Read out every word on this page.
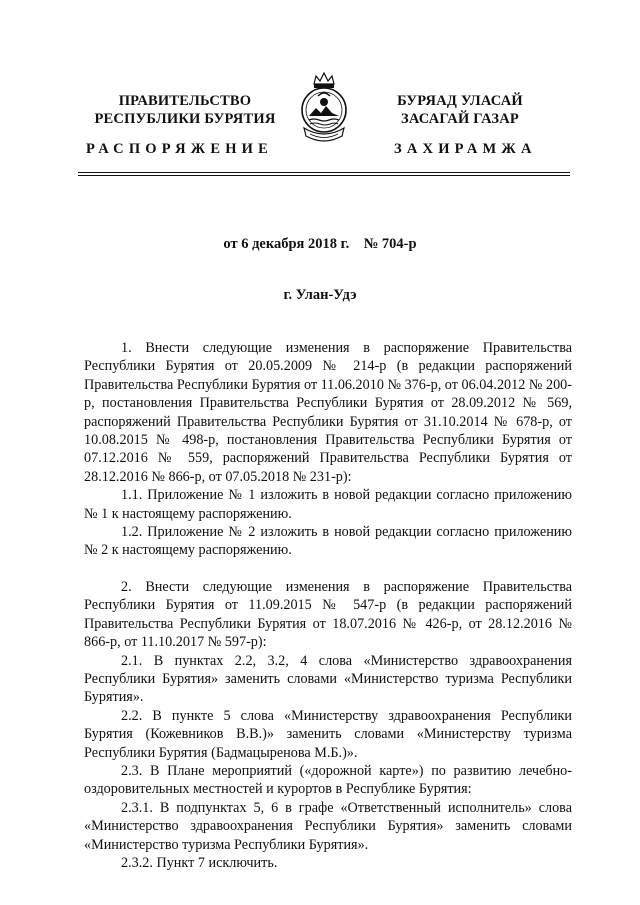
ПРАВИТЕЛЬСТВО
РЕСПУБЛИКИ БУРЯТИЯ
БУРЯАД УЛАСАЙ
ЗАСАГАЙ ГАЗАР
РАСПОРЯЖЕНИЕ	ЗАХИРАМЖА
от 6 декабря 2018 г. № 704-р
г. Улан-Удэ

1. Внести следующие изменения в распоряжение Правительства Республики Бурятия от 20.05.2009 № 214-р (в редакции распоряжений Правительства Республики Бурятия от 11.06.2010 № 376-р, от 06.04.2012 № 200-р, постановления Правительства Республики Бурятия от 28.09.2012 № 569, распоряжений Правительства Республики Бурятия от 31.10.2014 № 678-р, от 10.08.2015 № 498-р, постановления Правительства Республики Бурятия от 07.12.2016 № 559, распоряжений Правительства Республики Бурятия от 28.12.2016 № 866-р, от 07.05.2018 № 231-р):

1.1. Приложение № 1 изложить в новой редакции согласно приложению № 1 к настоящему распоряжению.

1.2. Приложение № 2 изложить в новой редакции согласно приложению № 2 к настоящему распоряжению.

2. Внести следующие изменения в распоряжение Правительства Республики Бурятия от 11.09.2015 № 547-р (в редакции распоряжений Правительства Республики Бурятия от 18.07.2016 № 426-р, от 28.12.2016 № 866-р, от 11.10.2017 № 597-р):

2.1. В пунктах 2.2, 3.2, 4 слова «Министерство здравоохранения Республики Бурятия» заменить словами «Министерство туризма Республики Бурятия».

2.2. В пункте 5 слова «Министерству здравоохранения Республики Бурятия (Кожевников В.В.)» заменить словами «Министерству туризма Республики Бурятия (Бадмацыренова М.Б.)».

2.3. В Плане мероприятий («дорожной карте») по развитию лечебно-оздоровительных местностей и курортов в Республике Бурятия:

2.3.1. В подпунктах 5, 6 в графе «Ответственный исполнитель» слова «Министерство здравоохранения Республики Бурятия» заменить словами «Министерство туризма Республики Бурятия».

2.3.2. Пункт 7 исключить.
